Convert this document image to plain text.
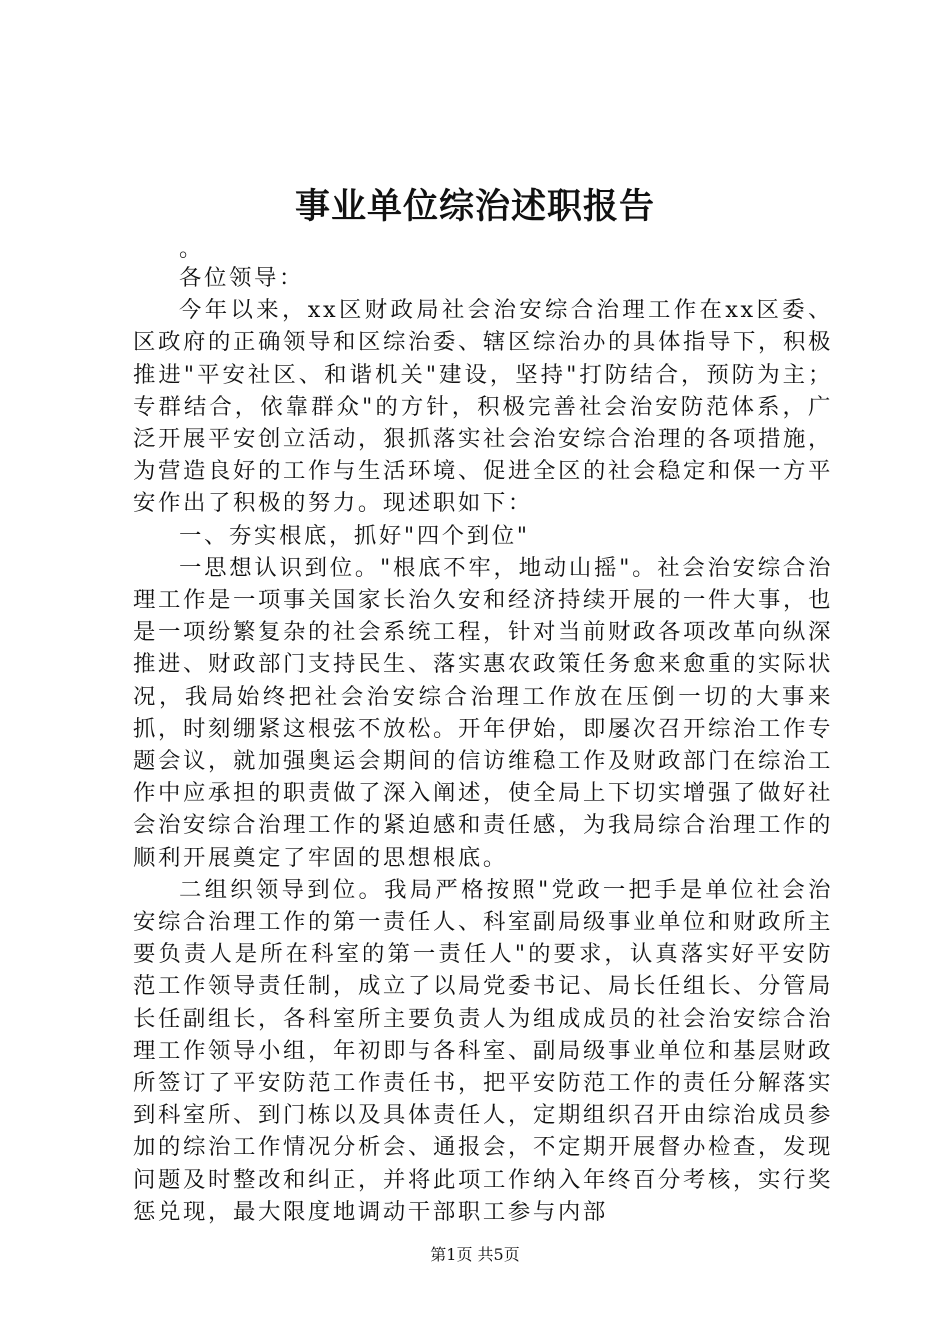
事业单位综治述职报告

。

各位领导：

今年以来，xx区财政局社会治安综合治理工作在xx区委、区政府的正确领导和区综治委、辖区综治办的具体指导下，积极推进"平安社区、和谐机关"建设，坚持"打防结合，预防为主；专群结合，依靠群众"的方针，积极完善社会治安防范体系，广泛开展平安创立活动，狠抓落实社会治安综合治理的各项措施，为营造良好的工作与生活环境、促进全区的社会稳定和保一方平安作出了积极的努力。现述职如下：

一、夯实根底，抓好"四个到位"

一思想认识到位。"根底不牢，地动山摇"。社会治安综合治理工作是一项事关国家长治久安和经济持续开展的一件大事，也是一项纷繁复杂的社会系统工程，针对当前财政各项改革向纵深推进、财政部门支持民生、落实惠农政策任务愈来愈重的实际状况，我局始终把社会治安综合治理工作放在压倒一切的大事来抓，时刻绷紧这根弦不放松。开年伊始，即屡次召开综治工作专题会议，就加强奥运会期间的信访维稳工作及财政部门在综治工作中应承担的职责做了深入阐述，使全局上下切实增强了做好社会治安综合治理工作的紧迫感和责任感，为我局综合治理工作的顺利开展奠定了牢固的思想根底。

二组织领导到位。我局严格按照"党政一把手是单位社会治安综合治理工作的第一责任人、科室副局级事业单位和财政所主要负责人是所在科室的第一责任人"的要求，认真落实好平安防范工作领导责任制，成立了以局党委书记、局长任组长、分管局长任副组长，各科室所主要负责人为组成成员的社会治安综合治理工作领导小组，年初即与各科室、副局级事业单位和基层财政所签订了平安防范工作责任书，把平安防范工作的责任分解落实到科室所、到门栋以及具体责任人，定期组织召开由综治成员参加的综治工作情况分析会、通报会，不定期开展督办检查，发现问题及时整改和纠正，并将此项工作纳入年终百分考核，实行奖惩兑现，最大限度地调动干部职工参与内部

第1页 共5页
